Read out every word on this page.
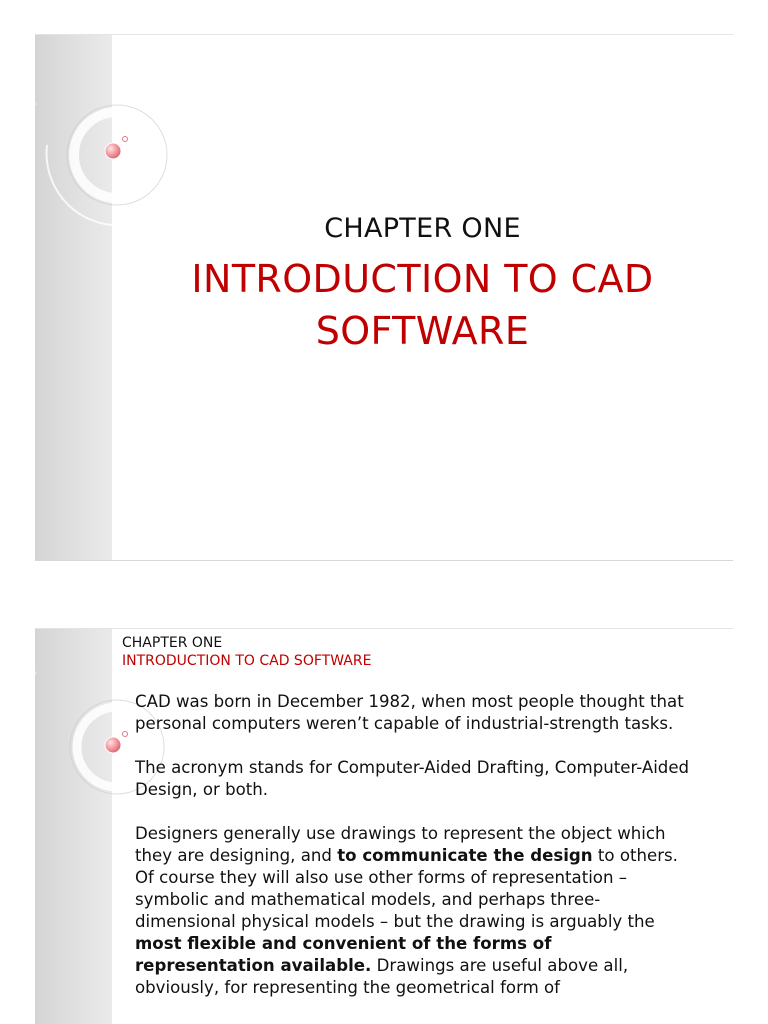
CHAPTER ONE
INTRODUCTION TO CAD
SOFTWARE
CHAPTER ONE
INTRODUCTION TO CAD SOFTWARE

CAD was born in December 1982, when most people thought that personal computers weren’t capable of industrial-strength tasks.

The acronym stands for Computer-Aided Drafting, Computer-Aided Design, or both.

Designers generally use drawings to represent the object which they are designing, and to communicate the design to others. Of course they will also use other forms of representation – symbolic and mathematical models, and perhaps three-dimensional physical models – but the drawing is arguably the most flexible and convenient of the forms of representation available. Drawings are useful above all, obviously, for representing the geometrical form of
